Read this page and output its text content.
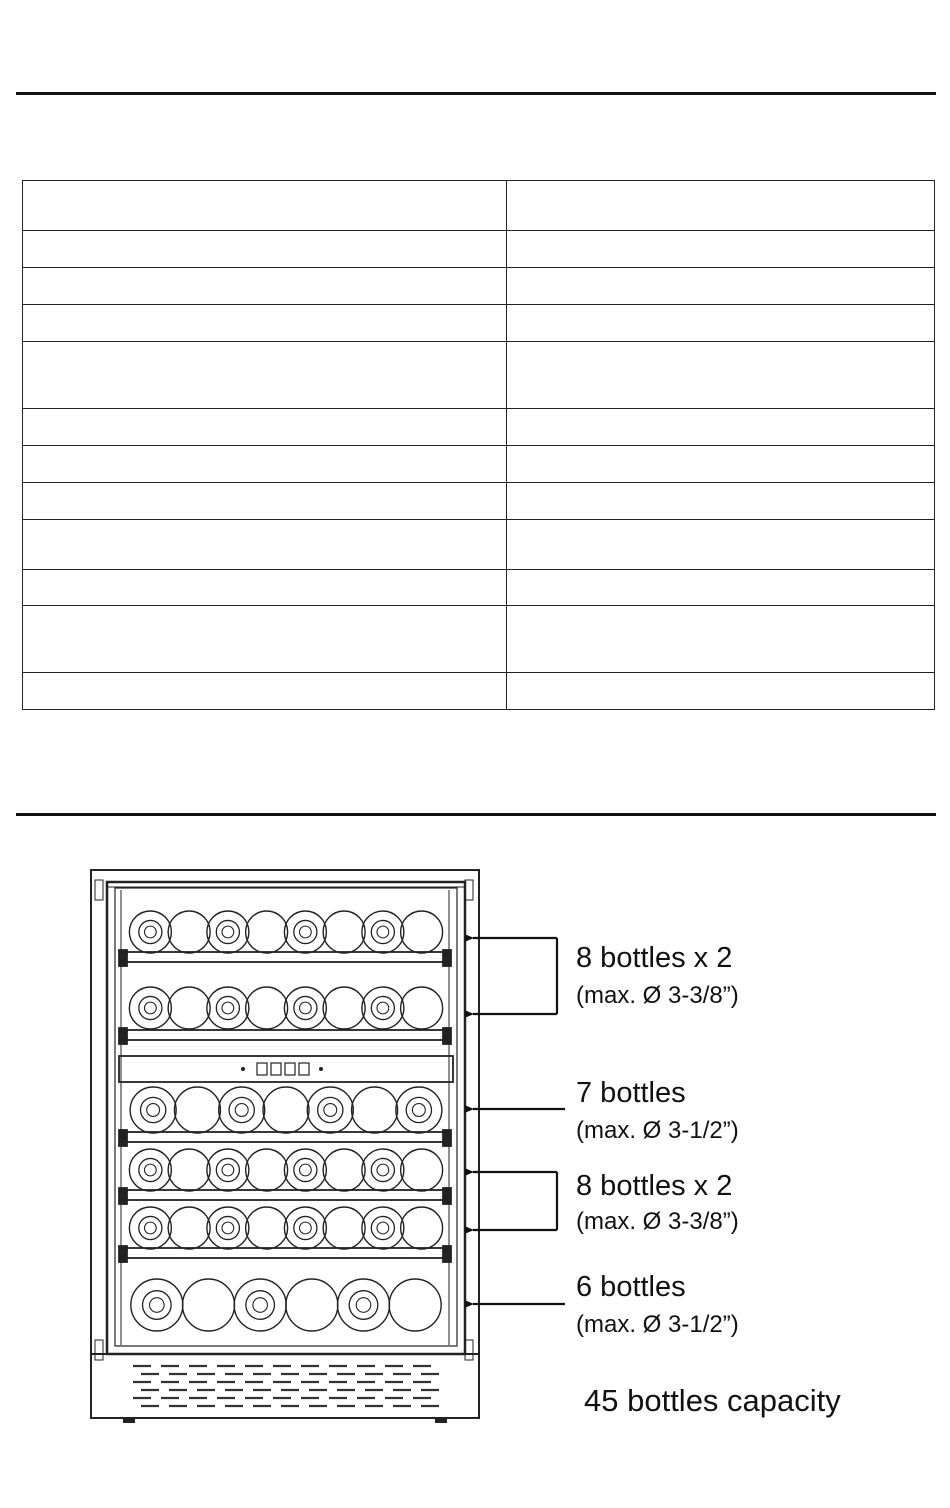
8 bottles x 2
(max. Ø 3-3/8”)
7 bottles
(max. Ø 3-1/2”)
8 bottles x 2
(max. Ø 3-3/8”)
6 bottles
(max. Ø 3-1/2”)
45 bottles capacity
